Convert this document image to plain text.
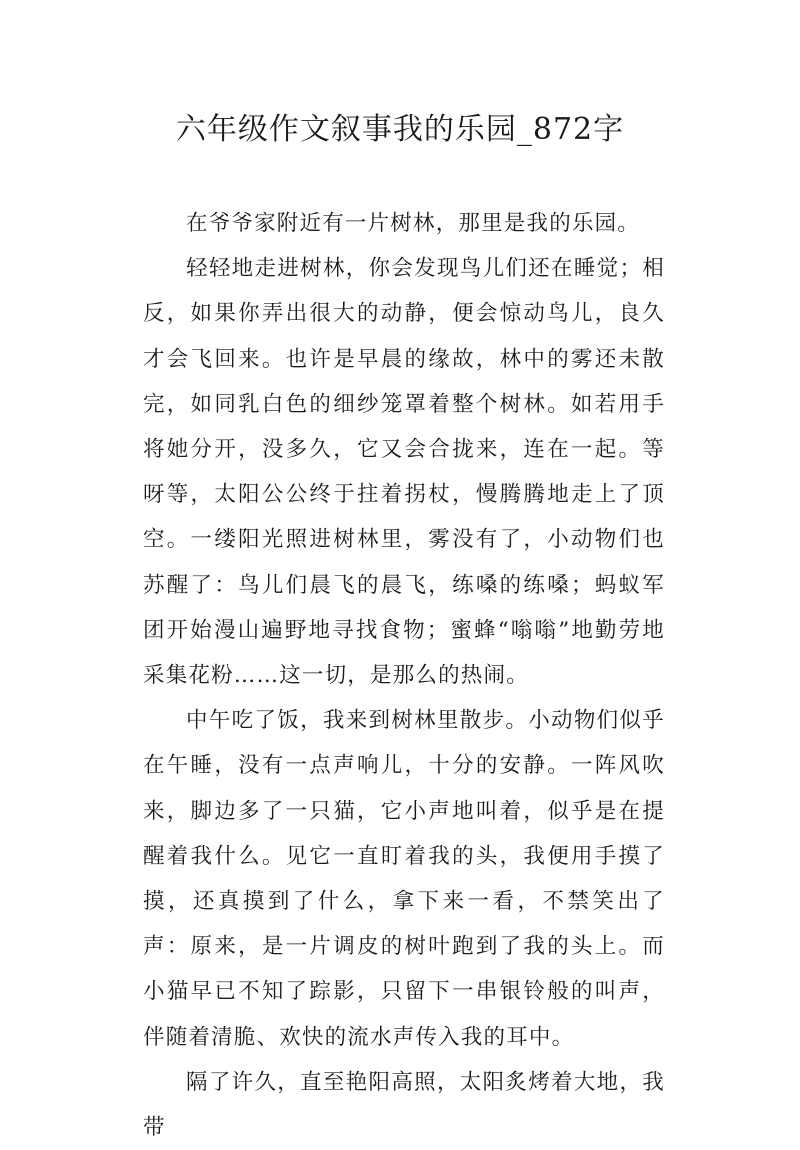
六年级作文叙事我的乐园_872字

在爷爷家附近有一片树林，那里是我的乐园。

轻轻地走进树林，你会发现鸟儿们还在睡觉；相反，如果你弄出很大的动静，便会惊动鸟儿，良久才会飞回来。也许是早晨的缘故，林中的雾还未散完，如同乳白色的细纱笼罩着整个树林。如若用手将她分开，没多久，它又会合拢来，连在一起。等呀等，太阳公公终于拄着拐杖，慢腾腾地走上了顶空。一缕阳光照进树林里，雾没有了，小动物们也苏醒了：鸟儿们晨飞的晨飞，练嗓的练嗓；蚂蚁军团开始漫山遍野地寻找食物；蜜蜂“嗡嗡”地勤劳地采集花粉……这一切，是那么的热闹。

中午吃了饭，我来到树林里散步。小动物们似乎在午睡，没有一点声响儿，十分的安静。一阵风吹来，脚边多了一只猫，它小声地叫着，似乎是在提醒着我什么。见它一直盯着我的头，我便用手摸了摸，还真摸到了什么，拿下来一看，不禁笑出了声：原来，是一片调皮的树叶跑到了我的头上。而小猫早已不知了踪影，只留下一串银铃般的叫声，伴随着清脆、欢快的流水声传入我的耳中。

隔了许久，直至艳阳高照，太阳炙烤着大地，我带
